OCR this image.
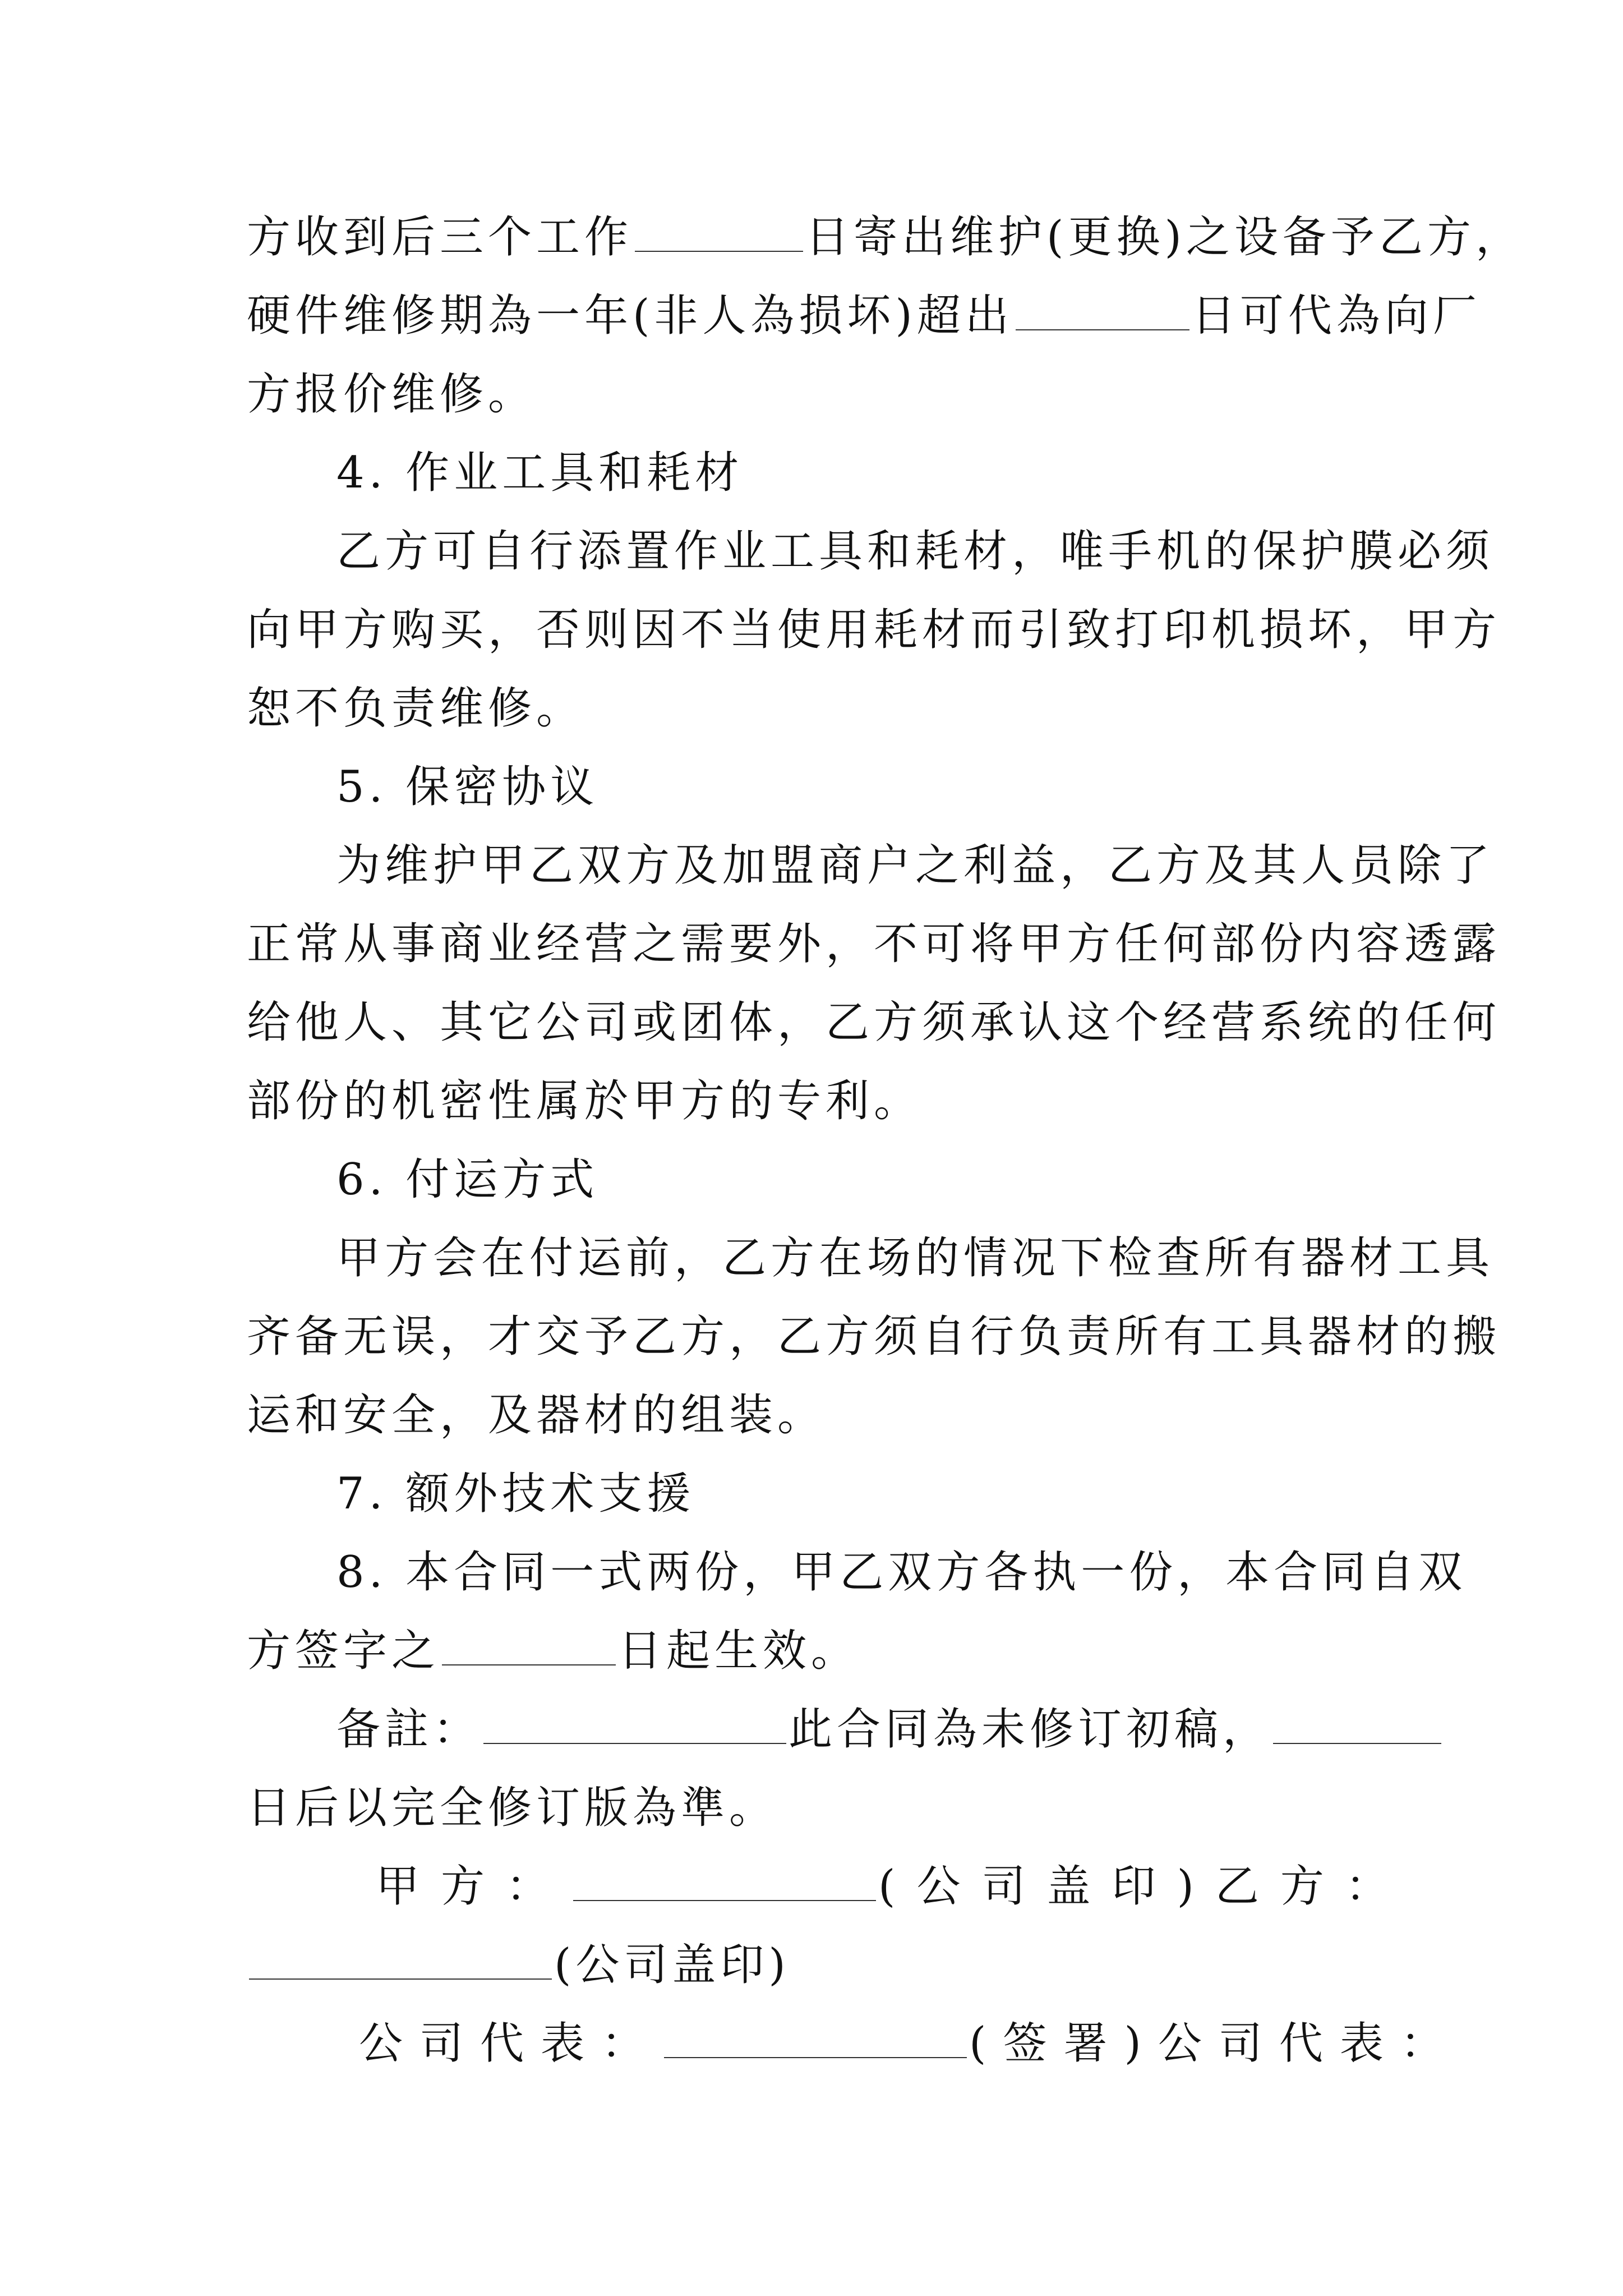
方收到后三个工作	日寄出维护(更换)之设备予乙方，
硬件维修期為一年(非人為损坏)超出	日可代為向厂
方报价维修。
4. 作业工具和耗材
乙方可自行添置作业工具和耗材，唯手机的保护膜必须
向甲方购买，否则因不当使用耗材而引致打印机损坏，甲方
恕不负责维修。
5. 保密协议
为维护甲乙双方及加盟商户之利益，乙方及其人员除了
正常从事商业经营之需要外，不可将甲方任何部份内容透露
给他人、其它公司或团体，乙方须承认这个经营系统的任何
部份的机密性属於甲方的专利。
6. 付运方式
甲方会在付运前，乙方在场的情况下检查所有器材工具
齐备无误，才交予乙方，乙方须自行负责所有工具器材的搬
运和安全，及器材的组装。
7. 额外技术支援
8. 本合同一式两份，甲乙双方各执一份，本合同自双
方签字之	日起生效。
备註：	此合同為未修订初稿，
日后以完全修订版為準。
甲方：	(公司盖印)乙方：
(公司盖印)
公司代表：	(签署)公司代表：
